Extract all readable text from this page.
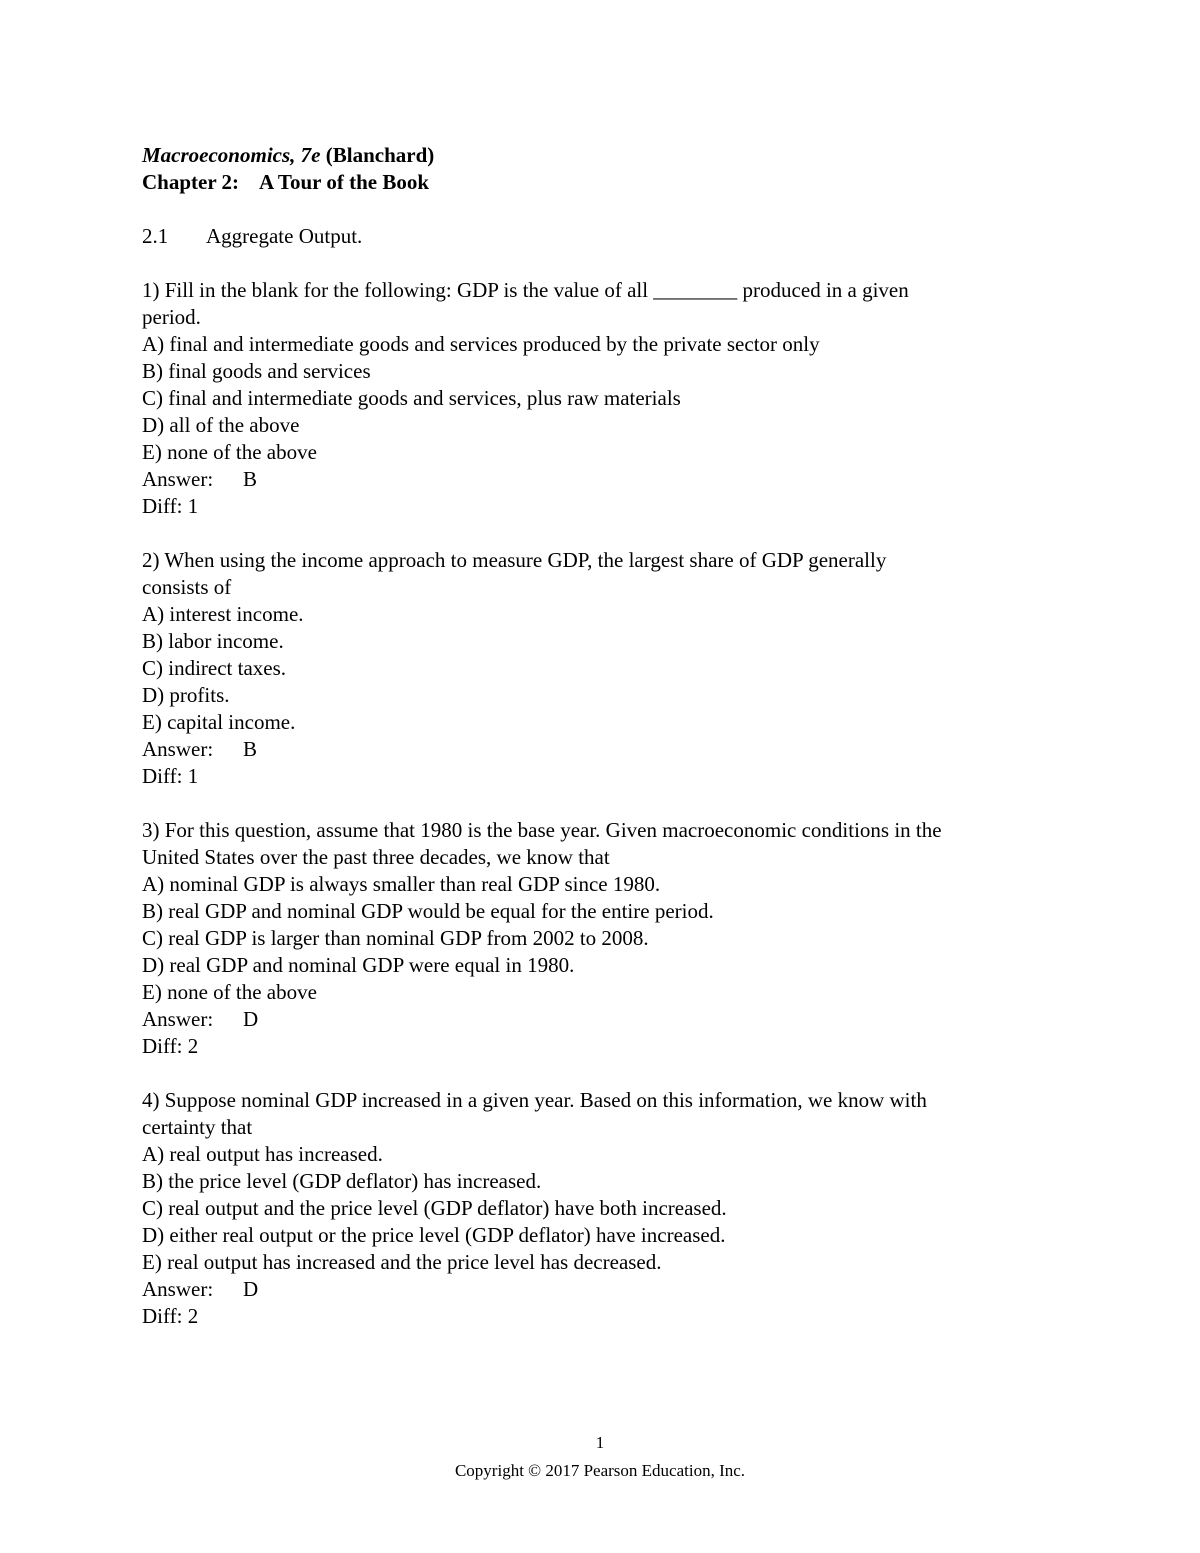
Macroeconomics, 7e (Blanchard)
Chapter 2: A Tour of the Book
2.1 Aggregate Output.
1) Fill in the blank for the following: GDP is the value of all ________ produced in a given
period.
A) final and intermediate goods and services produced by the private sector only
B) final goods and services
C) final and intermediate goods and services, plus raw materials
D) all of the above
E) none of the above
Answer: B
Diff: 1
2) When using the income approach to measure GDP, the largest share of GDP generally
consists of
A) interest income.
B) labor income.
C) indirect taxes.
D) profits.
E) capital income.
Answer: B
Diff: 1
3) For this question, assume that 1980 is the base year. Given macroeconomic conditions in the
United States over the past three decades, we know that
A) nominal GDP is always smaller than real GDP since 1980.
B) real GDP and nominal GDP would be equal for the entire period.
C) real GDP is larger than nominal GDP from 2002 to 2008.
D) real GDP and nominal GDP were equal in 1980.
E) none of the above
Answer: D
Diff: 2
4) Suppose nominal GDP increased in a given year. Based on this information, we know with
certainty that
A) real output has increased.
B) the price level (GDP deflator) has increased.
C) real output and the price level (GDP deflator) have both increased.
D) either real output or the price level (GDP deflator) have increased.
E) real output has increased and the price level has decreased.
Answer: D
Diff: 2
1
Copyright © 2017 Pearson Education, Inc.
